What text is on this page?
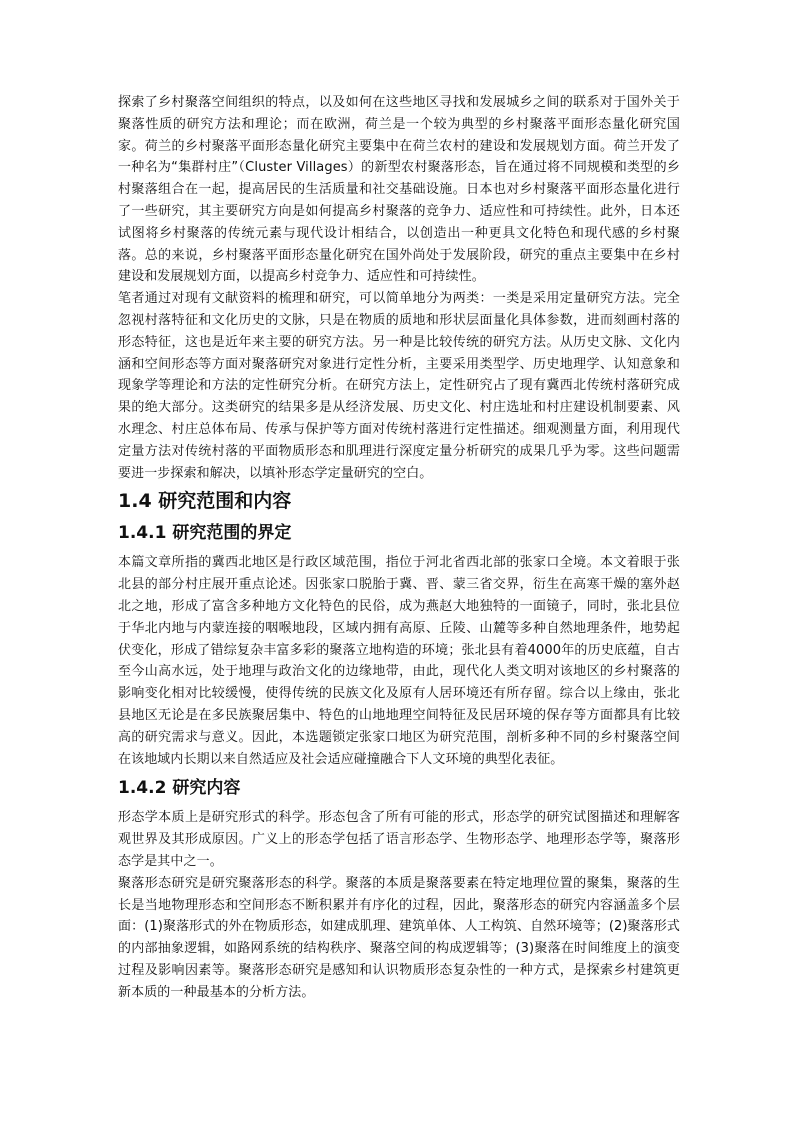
探索了乡村聚落空间组织的特点，以及如何在这些地区寻找和发展城乡之间的联系对于国外关于聚落性质的研究方法和理论；而在欧洲，荷兰是一个较为典型的乡村聚落平面形态量化研究国家。荷兰的乡村聚落平面形态量化研究主要集中在荷兰农村的建设和发展规划方面。荷兰开发了一种名为“集群村庄”（Cluster Villages）的新型农村聚落形态，旨在通过将不同规模和类型的乡村聚落组合在一起，提高居民的生活质量和社交基础设施。日本也对乡村聚落平面形态量化进行了一些研究，其主要研究方向是如何提高乡村聚落的竞争力、适应性和可持续性。此外，日本还试图将乡村聚落的传统元素与现代设计相结合，以创造出一种更具文化特色和现代感的乡村聚落。总的来说，乡村聚落平面形态量化研究在国外尚处于发展阶段，研究的重点主要集中在乡村建设和发展规划方面，以提高乡村竞争力、适应性和可持续性。

笔者通过对现有文献资料的梳理和研究，可以简单地分为两类：一类是采用定量研究方法。完全忽视村落特征和文化历史的文脉，只是在物质的质地和形状层面量化具体参数，进而刻画村落的形态特征，这也是近年来主要的研究方法。另一种是比较传统的研究方法。从历史文脉、文化内涵和空间形态等方面对聚落研究对象进行定性分析，主要采用类型学、历史地理学、认知意象和现象学等理论和方法的定性研究分析。在研究方法上，定性研究占了现有冀西北传统村落研究成果的绝大部分。这类研究的结果多是从经济发展、历史文化、村庄选址和村庄建设机制要素、风水理念、村庄总体布局、传承与保护等方面对传统村落进行定性描述。细观测量方面，利用现代定量方法对传统村落的平面物质形态和肌理进行深度定量分析研究的成果几乎为零。这些问题需要进一步探索和解决，以填补形态学定量研究的空白。

1.4 研究范围和内容
1.4.1 研究范围的界定

本篇文章所指的冀西北地区是行政区域范围，指位于河北省西北部的张家口全境。本文着眼于张北县的部分村庄展开重点论述。因张家口脱胎于冀、晋、蒙三省交界，衍生在高寒干燥的塞外赵北之地，形成了富含多种地方文化特色的民俗，成为燕赵大地独特的一面镜子，同时，张北县位于华北内地与内蒙连接的咽喉地段，区域内拥有高原、丘陵、山麓等多种自然地理条件，地势起伏变化，形成了错综复杂丰富多彩的聚落立地构造的环境；张北县有着4000年的历史底蕴，自古至今山高水远，处于地理与政治文化的边缘地带，由此，现代化人类文明对该地区的乡村聚落的影响变化相对比较缓慢，使得传统的民族文化及原有人居环境还有所存留。综合以上缘由，张北县地区无论是在多民族聚居集中、特色的山地地理空间特征及民居环境的保存等方面都具有比较高的研究需求与意义。因此，本选题锁定张家口地区为研究范围，剖析多种不同的乡村聚落空间在该地域内长期以来自然适应及社会适应碰撞融合下人文环境的典型化表征。

1.4.2 研究内容

形态学本质上是研究形式的科学。形态包含了所有可能的形式，形态学的研究试图描述和理解客观世界及其形成原因。广义上的形态学包括了语言形态学、生物形态学、地理形态学等，聚落形态学是其中之一。

聚落形态研究是研究聚落形态的科学。聚落的本质是聚落要素在特定地理位置的聚集，聚落的生长是当地物理形态和空间形态不断积累并有序化的过程，因此，聚落形态的研究内容涵盖多个层面：(1)聚落形式的外在物质形态，如建成肌理、建筑单体、人工构筑、自然环境等；(2)聚落形式的内部抽象逻辑，如路网系统的结构秩序、聚落空间的构成逻辑等；(3)聚落在时间维度上的演变过程及影响因素等。聚落形态研究是感知和认识物质形态复杂性的一种方式，是探索乡村建筑更新本质的一种最基本的分析方法。
